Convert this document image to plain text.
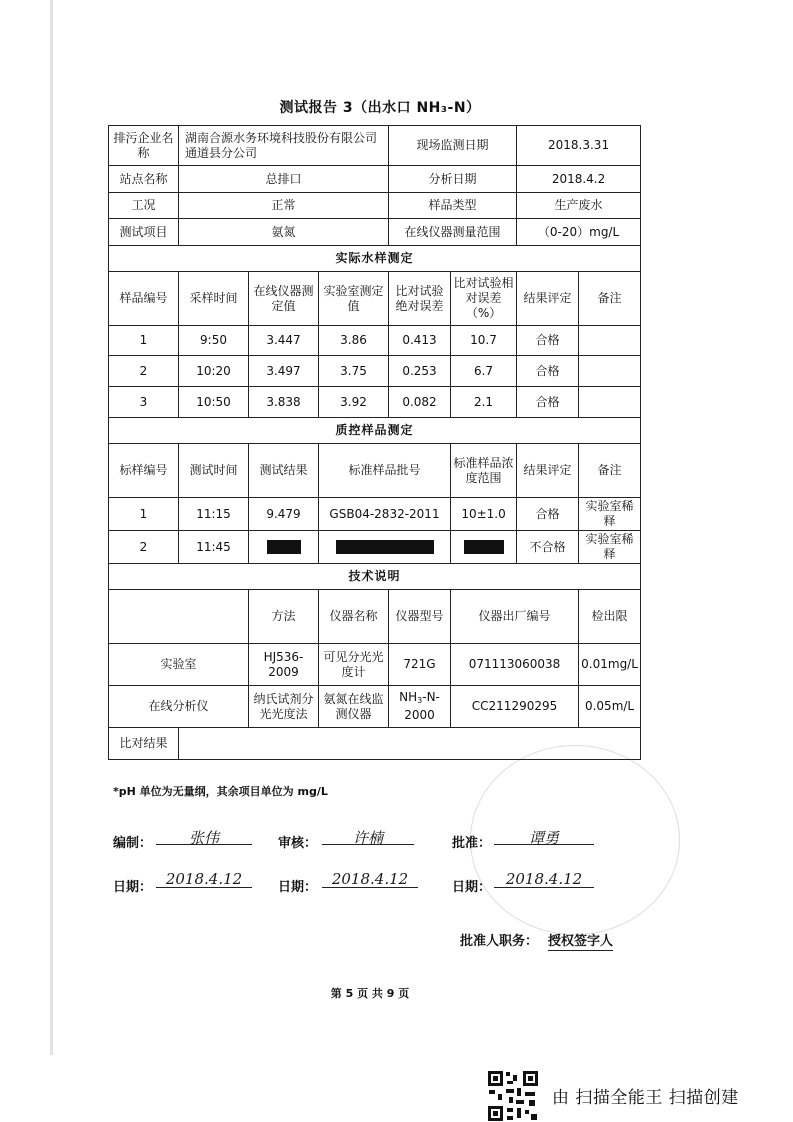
测试报告 3（出水口 NH₃-N）
排污企业名称	湖南合源水务环境科技股份有限公司通道县分公司			现场监测日期		2018.3.31	
站点名称	总排口			分析日期		2018.4.2	
工况	正常			样品类型		生产废水	
测试项目	氨氮			在线仪器测量范围		（0-20）mg/L	
实际水样测定							
样品编号	采样时间	在线仪器测定值	实验室测定值	比对试验绝对误差	比对试验相对误差（%）	结果评定	备注
1	9:50	3.447	3.86	0.413	10.7	合格	
2	10:20	3.497	3.75	0.253	6.7	合格	
3	10:50	3.838	3.92	0.082	2.1	合格	
质控样品测定							
标样编号	测试时间	测试结果	标准样品批号		标准样品浓度范围	结果评定	备注
1	11:15	9.479	GSB04-2832-2011		10±1.0	合格	实验室稀释
2	11:45					不合格	实验室稀释
技术说明							
		方法	仪器名称	仪器型号	仪器出厂编号		检出限
实验室		HJ536-2009	可见分光光度计	721G	071113060038		0.01mg/L
在线分析仪		纳氏试剂分光光度法	氨氮在线监测仪器	$NH_3-N-2000$	CC211290295		0.05m/L
比对结果							
*pH 单位为无量纲，其余项目单位为 mg/L
编制：	张伟	审核：	许楠	批准：	谭勇
日期： 2018.4.12	日期： 2018.4.12	日期： 2018.4.12
批准人职务： 授权签字人
第 5 页 共 9 页
由 扫描全能王 扫描创建
